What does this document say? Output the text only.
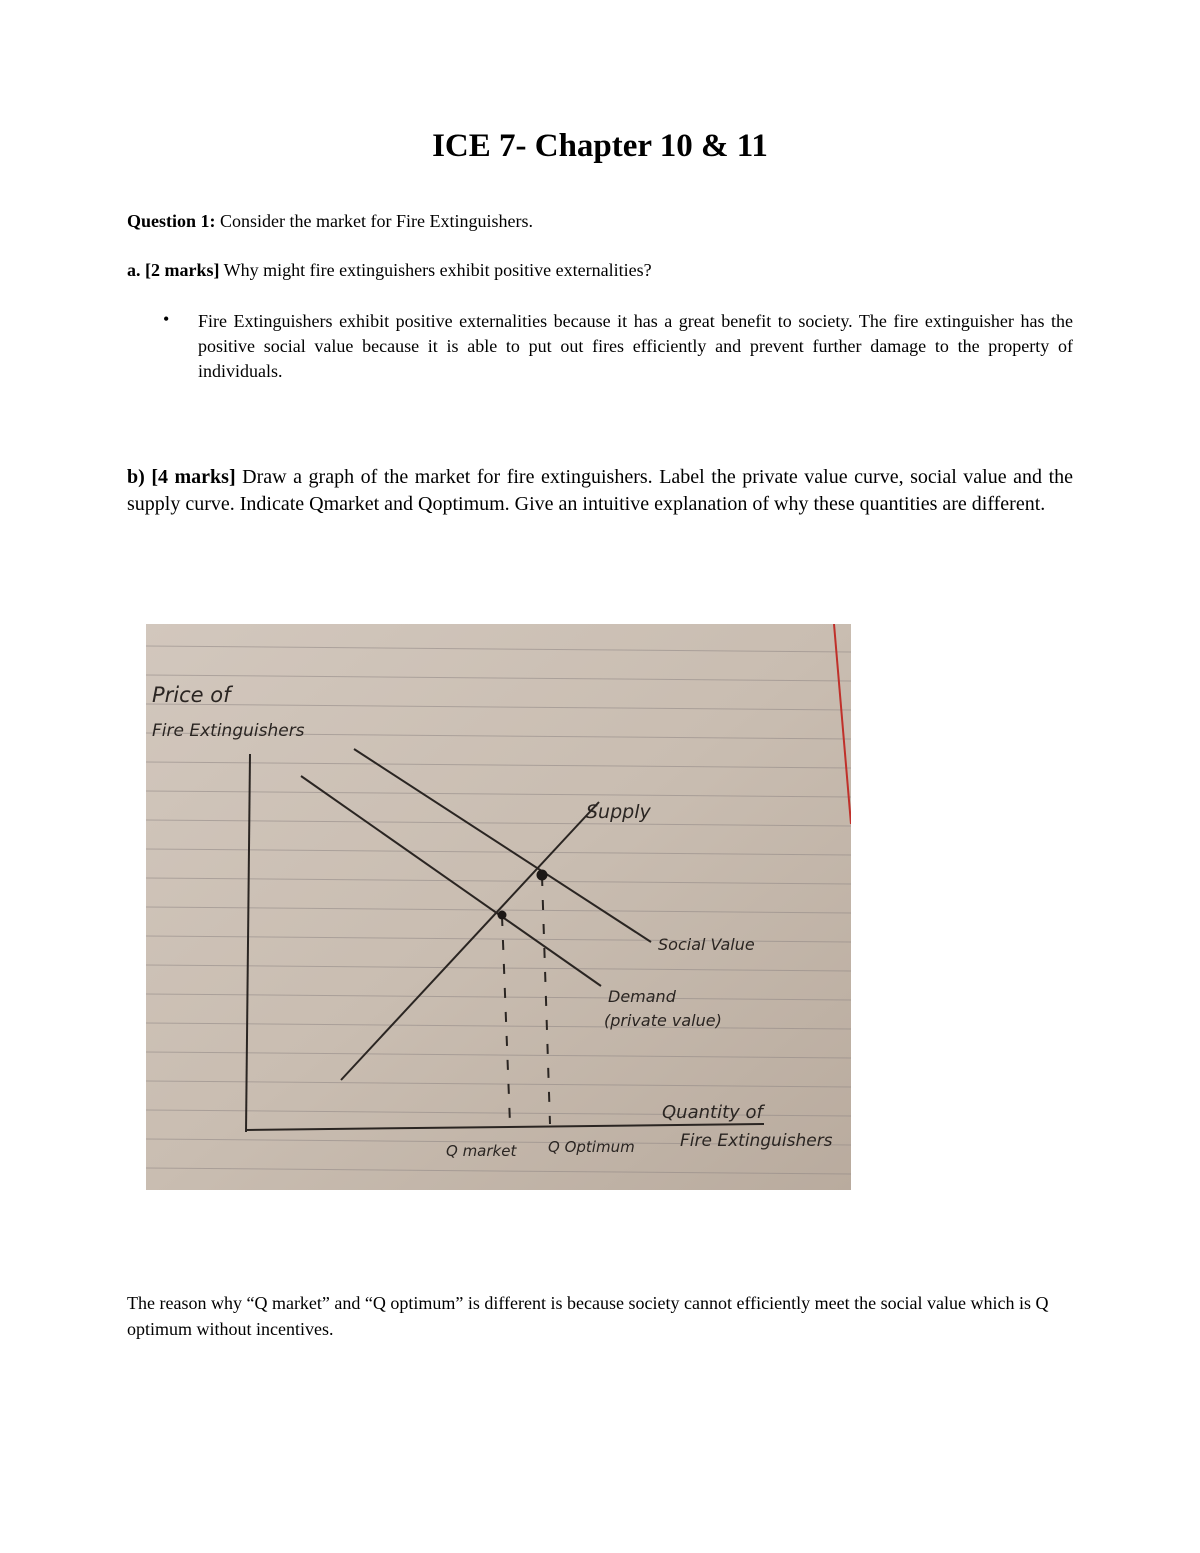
ICE 7- Chapter 10 & 11
Question 1: Consider the market for Fire Extinguishers.
a. [2 marks] Why might fire extinguishers exhibit positive externalities?
• Fire Extinguishers exhibit positive externalities because it has a great benefit to society. The fire extinguisher has the positive social value because it is able to put out fires efficiently and prevent further damage to the property of individuals.
b) [4 marks] Draw a graph of the market for fire extinguishers. Label the private value curve, social value and the supply curve. Indicate Qmarket and Qoptimum. Give an intuitive explanation of why these quantities are different.
Price of
Fire Extinguishers
Supply
Social Value
Demand
(private value)
Quantity of
Fire Extinguishers
Q market Q Optimum
The reason why “Q market” and “Q optimum” is different is because society cannot efficiently meet the social value which is Q optimum without incentives.
